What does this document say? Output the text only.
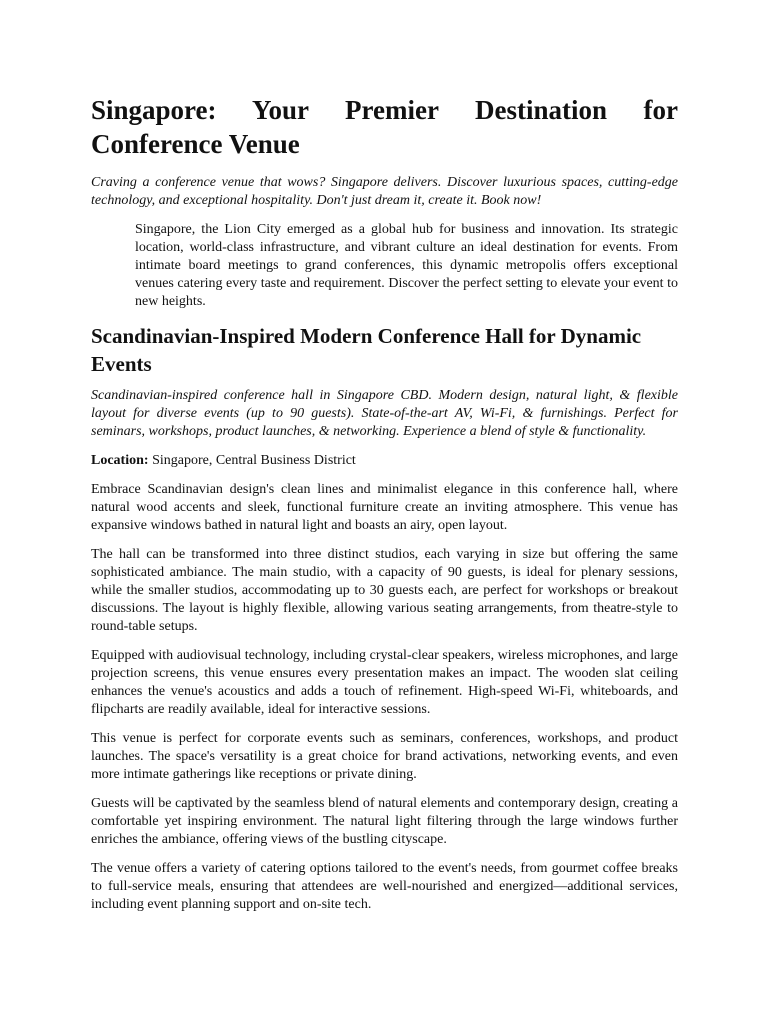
Singapore: Your Premier Destination for Conference Venue

Craving a conference venue that wows? Singapore delivers. Discover luxurious spaces, cutting-edge technology, and exceptional hospitality. Don't just dream it, create it. Book now!

Singapore, the Lion City emerged as a global hub for business and innovation. Its strategic location, world-class infrastructure, and vibrant culture an ideal destination for events. From intimate board meetings to grand conferences, this dynamic metropolis offers exceptional venues catering every taste and requirement. Discover the perfect setting to elevate your event to new heights.

Scandinavian-Inspired Modern Conference Hall for Dynamic Events

Scandinavian-inspired conference hall in Singapore CBD. Modern design, natural light, & flexible layout for diverse events (up to 90 guests). State-of-the-art AV, Wi-Fi, & furnishings. Perfect for seminars, workshops, product launches, & networking. Experience a blend of style & functionality.

Location: Singapore, Central Business District

Embrace Scandinavian design's clean lines and minimalist elegance in this conference hall, where natural wood accents and sleek, functional furniture create an inviting atmosphere. This venue has expansive windows bathed in natural light and boasts an airy, open layout.

The hall can be transformed into three distinct studios, each varying in size but offering the same sophisticated ambiance. The main studio, with a capacity of 90 guests, is ideal for plenary sessions, while the smaller studios, accommodating up to 30 guests each, are perfect for workshops or breakout discussions. The layout is highly flexible, allowing various seating arrangements, from theatre-style to round-table setups.

Equipped with audiovisual technology, including crystal-clear speakers, wireless microphones, and large projection screens, this venue ensures every presentation makes an impact. The wooden slat ceiling enhances the venue's acoustics and adds a touch of refinement. High-speed Wi-Fi, whiteboards, and flipcharts are readily available, ideal for interactive sessions.

This venue is perfect for corporate events such as seminars, conferences, workshops, and product launches. The space's versatility is a great choice for brand activations, networking events, and even more intimate gatherings like receptions or private dining.

Guests will be captivated by the seamless blend of natural elements and contemporary design, creating a comfortable yet inspiring environment. The natural light filtering through the large windows further enriches the ambiance, offering views of the bustling cityscape.

The venue offers a variety of catering options tailored to the event's needs, from gourmet coffee breaks to full-service meals, ensuring that attendees are well-nourished and energized—additional services, including event planning support and on-site tech.
